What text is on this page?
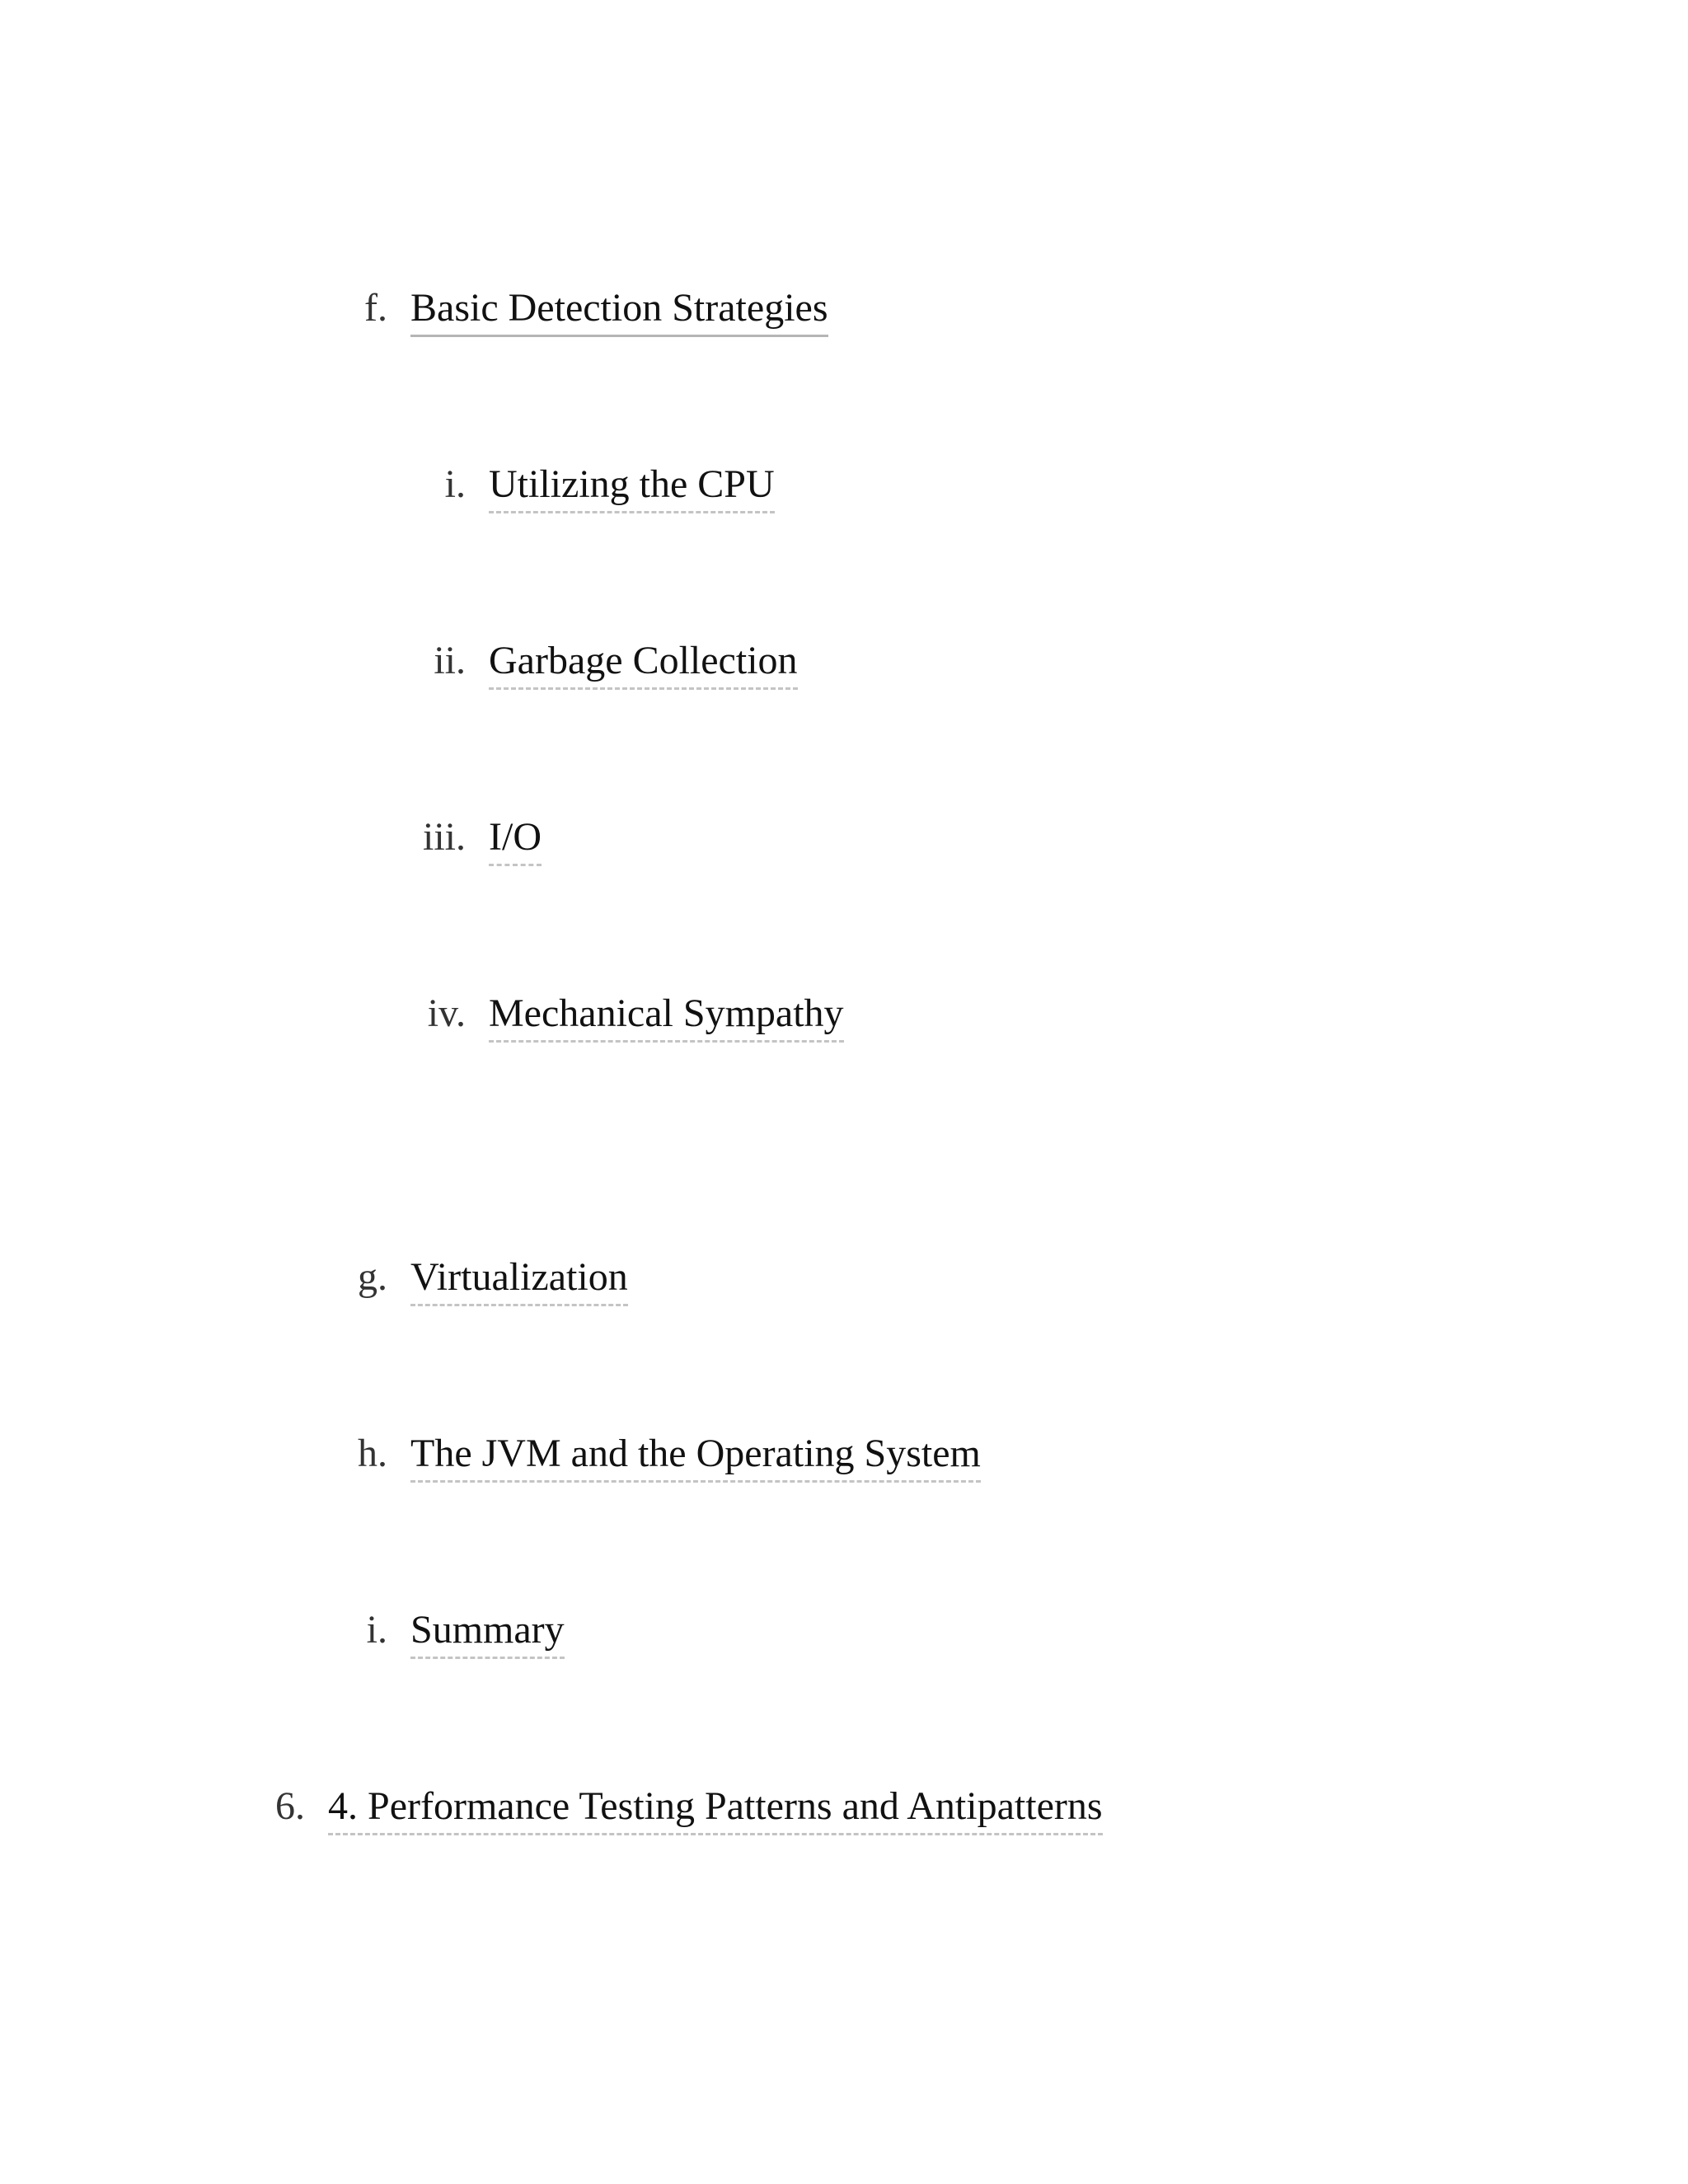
f. Basic Detection Strategies
i. Utilizing the CPU
ii. Garbage Collection
iii. I/O
iv. Mechanical Sympathy
g. Virtualization
h. The JVM and the Operating System
i. Summary
6. 4. Performance Testing Patterns and Antipatterns
